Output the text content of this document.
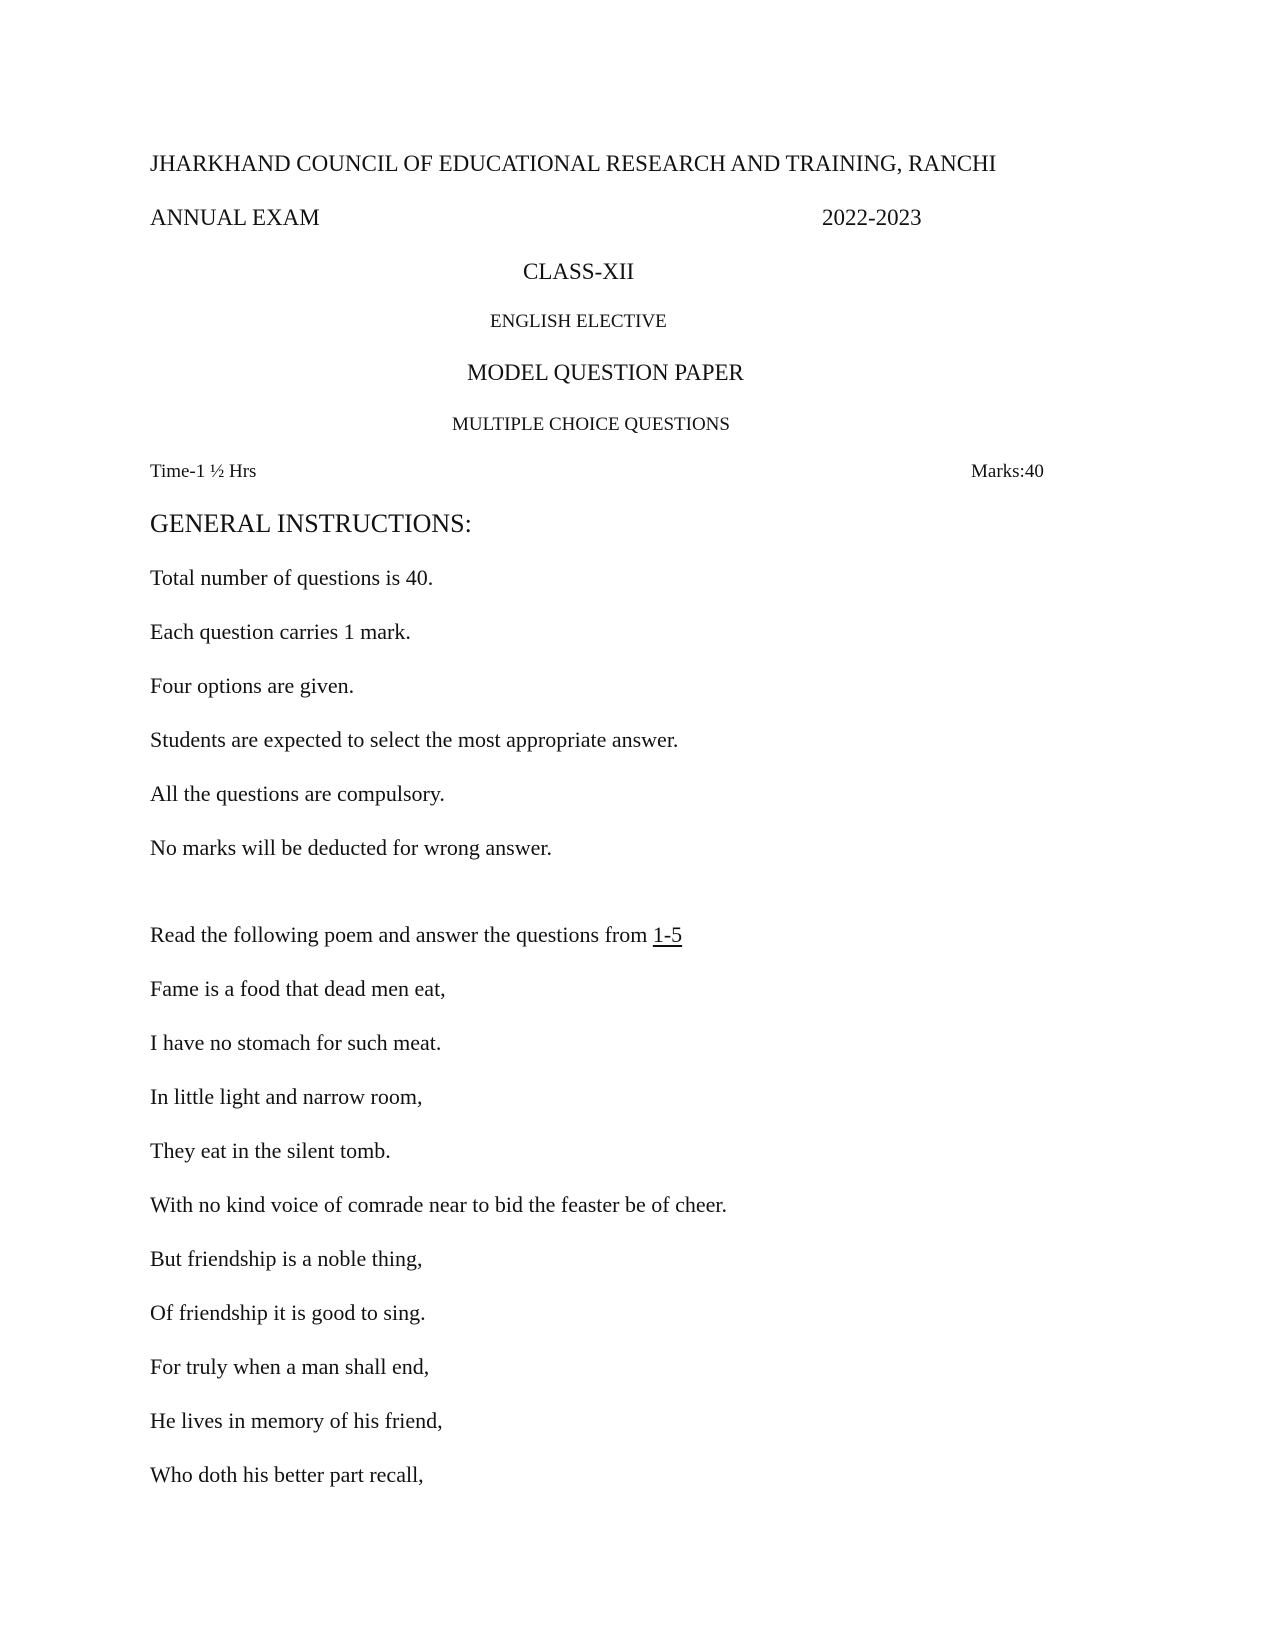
JHARKHAND COUNCIL OF EDUCATIONAL RESEARCH AND TRAINING, RANCHI
ANNUAL EXAM	2022-2023
CLASS-XII
ENGLISH ELECTIVE
MODEL QUESTION PAPER
MULTIPLE CHOICE QUESTIONS
Time-1 ½ Hrs	Marks:40
GENERAL INSTRUCTIONS:
Total number of questions is 40.
Each question carries 1 mark.
Four options are given.
Students are expected to select the most appropriate answer.
All the questions are compulsory.
No marks will be deducted for wrong answer.
Read the following poem and answer the questions from 1-5
Fame is a food that dead men eat,
I have no stomach for such meat.
In little light and narrow room,
They eat in the silent tomb.
With no kind voice of comrade near to bid the feaster be of cheer.
But friendship is a noble thing,
Of friendship it is good to sing.
For truly when a man shall end,
He lives in memory of his friend,
Who doth his better part recall,
